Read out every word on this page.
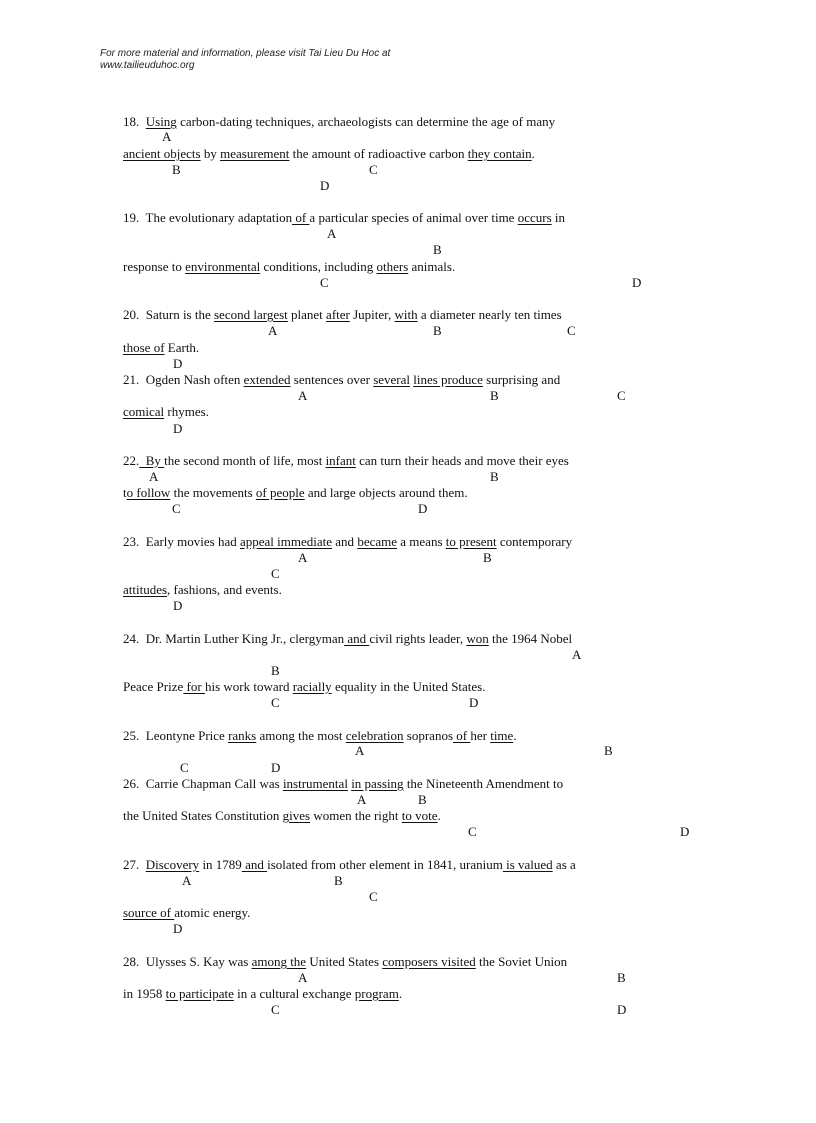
For more material and information, please visit Tai Lieu Du Hoc at
www.tailieuduhoc.org
18.  Using carbon-dating techniques, archaeologists can determine the age of many
A
ancient objects by measurement the amount of radioactive carbon they contain.
B	C
D
19.  The evolutionary adaptation of a particular species of animal over time occurs in
A
B
response to environmental conditions, including others animals.
C	D
20.  Saturn is the second largest planet after Jupiter, with a diameter nearly ten times
A	B	C
those of Earth.
D
21.  Ogden Nash often extended sentences over several lines produce surprising and
A	B	C
comical rhymes.
D
22.  By the second month of life, most infant can turn their heads and move their eyes
A	B
to follow the movements of people and large objects around them.
C	D
23.  Early movies had appeal immediate and became a means to present contemporary
A	B
C
attitudes, fashions, and events.
D
24.  Dr. Martin Luther King Jr., clergyman and civil rights leader, won the 1964 Nobel
A
B
Peace Prize for his work toward racially equality in the United States.
C	D
25.  Leontyne Price ranks among the most celebration sopranos of her time.
A	B
C	D
26.  Carrie Chapman Call was instrumental in passing the Nineteenth Amendment to
A	B
the United States Constitution gives women the right to vote.
C	D
27.  Discovery in 1789 and isolated from other element in 1841, uranium is valued as a
A	B
C
source of atomic energy.
D
28.  Ulysses S. Kay was among the United States composers visited the Soviet Union
A	B
in 1958 to participate in a cultural exchange program.
C	D
